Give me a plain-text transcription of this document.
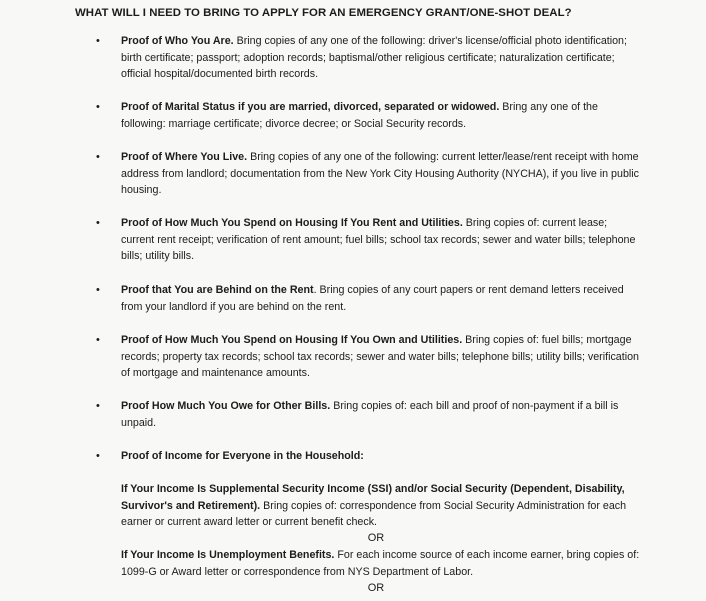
WHAT WILL I NEED TO BRING TO APPLY FOR AN EMERGENCY GRANT/ONE-SHOT DEAL?
•	Proof of Who You Are. Bring copies of any one of the following: driver's license/official photo identification; birth certificate; passport; adoption records; baptismal/other religious certificate; naturalization certificate; official hospital/documented birth records.
•	Proof of Marital Status if you are married, divorced, separated or widowed. Bring any one of the following: marriage certificate; divorce decree; or Social Security records.
•	Proof of Where You Live. Bring copies of any one of the following: current letter/lease/rent receipt with home address from landlord; documentation from the New York City Housing Authority (NYCHA), if you live in public housing.
•	Proof of How Much You Spend on Housing If You Rent and Utilities. Bring copies of: current lease; current rent receipt; verification of rent amount; fuel bills; school tax records; sewer and water bills; telephone bills; utility bills.
•	Proof that You are Behind on the Rent. Bring copies of any court papers or rent demand letters received from your landlord if you are behind on the rent.
•	Proof of How Much You Spend on Housing If You Own and Utilities. Bring copies of: fuel bills; mortgage records; property tax records; school tax records; sewer and water bills; telephone bills; utility bills; verification of mortgage and maintenance amounts.
•	Proof How Much You Owe for Other Bills. Bring copies of: each bill and proof of non-payment if a bill is unpaid.
•	Proof of Income for Everyone in the Household:
If Your Income Is Supplemental Security Income (SSI) and/or Social Security (Dependent, Disability, Survivor's and Retirement). Bring copies of: correspondence from Social Security Administration for each earner or current award letter or current benefit check.
OR
If Your Income Is Unemployment Benefits. For each income source of each income earner, bring copies of: 1099-G or Award letter or correspondence from NYS Department of Labor.
OR
